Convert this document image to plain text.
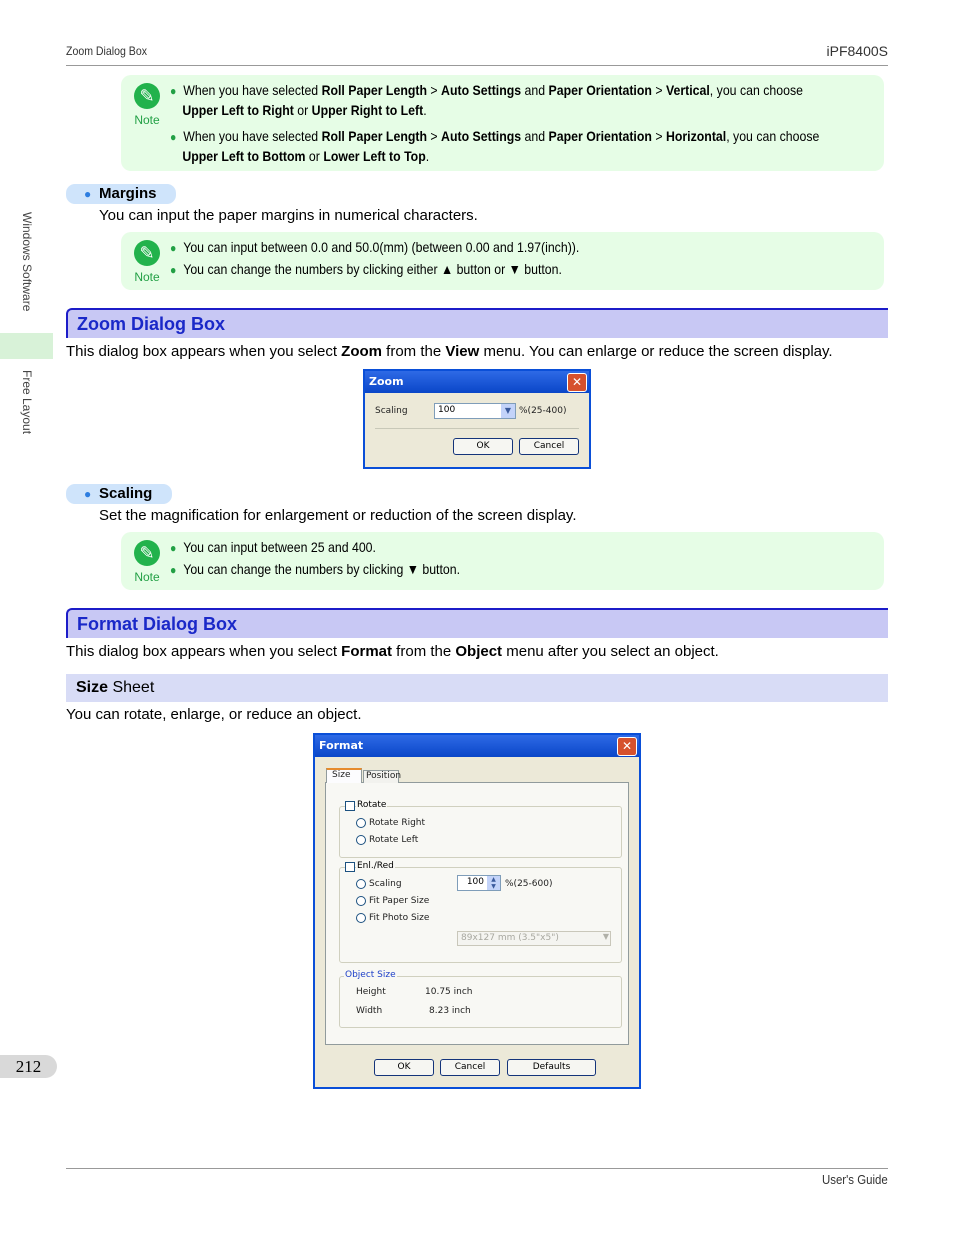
Zoom Dialog Box	iPF8400S
Windows Software
Free Layout
✎
Note
● When you have selected Roll Paper Length > Auto Settings and Paper Orientation > Vertical, you can choose
Upper Left to Right or Upper Right to Left.
● When you have selected Roll Paper Length > Auto Settings and Paper Orientation > Horizontal, you can choose
Upper Left to Bottom or Lower Left to Top.
● Margins
You can input the paper margins in numerical characters.
✎
Note
● You can input between 0.0 and 50.0(mm) (between 0.00 and 1.97(inch)).
● You can change the numbers by clicking either ▲ button or ▼ button.
Zoom Dialog Box
This dialog box appears when you select Zoom from the View menu. You can enlarge or reduce the screen display.
Zoom	✕
Scaling	100	▼ %(25-400)
OK	Cancel
● Scaling
Set the magnification for enlargement or reduction of the screen display.
✎
Note
● You can input between 25 and 400.
● You can change the numbers by clicking ▼ button.
Format Dialog Box
This dialog box appears when you select Format from the Object menu after you select an object.
Size Sheet
You can rotate, enlarge, or reduce an object.
Format	✕
Size	Position
Rotate
Rotate Right
Rotate Left
Enl./Red
Scaling	100	▲
▼	%(25-600)
Fit Paper Size
Fit Photo Size
89x127 mm (3.5"x5")	▼
Object Size
Height	10.75 inch
Width	8.23 inch
OK	Cancel	Defaults
212
User's Guide
